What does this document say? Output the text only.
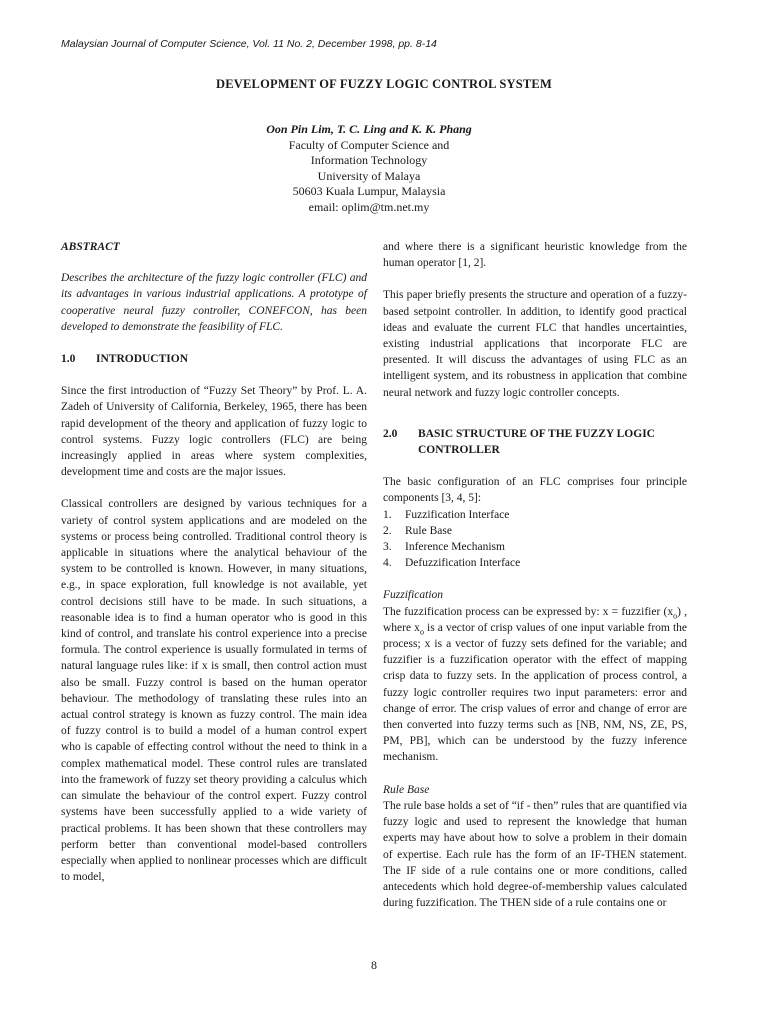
Malaysian Journal of Computer Science, Vol. 11 No. 2, December 1998, pp. 8-14
DEVELOPMENT OF FUZZY LOGIC CONTROL SYSTEM
Oon Pin Lim, T. C. Ling and K. K. Phang
Faculty of Computer Science and
Information Technology
University of Malaya
50603 Kuala Lumpur, Malaysia
email: oplim@tm.net.my
ABSTRACT

Describes the architecture of the fuzzy logic controller (FLC) and its advantages in various industrial applications. A prototype of cooperative neural fuzzy controller, CONEFCON, has been developed to demonstrate the feasibility of FLC.

1.0	INTRODUCTION

Since the first introduction of “Fuzzy Set Theory” by Prof. L. A. Zadeh of University of California, Berkeley, 1965, there has been rapid development of the theory and application of fuzzy logic to control systems. Fuzzy logic controllers (FLC) are being increasingly applied in areas where system complexities, development time and costs are the major issues.

Classical controllers are designed by various techniques for a variety of control system applications and are modeled on the systems or process being controlled. Traditional control theory is applicable in situations where the analytical behaviour of the system to be controlled is known. However, in many situations, e.g., in space exploration, full knowledge is not available, yet control decisions still have to be made. In such situations, a reasonable idea is to find a human operator who is good in this kind of control, and translate his control experience into a precise formula. The control experience is usually formulated in terms of natural language rules like: if x is small, then control action must also be small. Fuzzy control is based on the human operator behaviour. The methodology of translating these rules into an actual control strategy is known as fuzzy control. The main idea of fuzzy control is to build a model of a human control expert who is capable of effecting control without the need to think in a complex mathematical model. These control rules are translated into the framework of fuzzy set theory providing a calculus which can simulate the behaviour of the control expert. Fuzzy control systems have been successfully applied to a wide variety of practical problems. It has been shown that these controllers may perform better than conventional model-based controllers especially when applied to nonlinear processes which are difficult to model,

and where there is a significant heuristic knowledge from the human operator [1, 2].

This paper briefly presents the structure and operation of a fuzzy-based setpoint controller. In addition, to identify good practical ideas and evaluate the current FLC that handles uncertainties, existing industrial applications that incorporate FLC are presented. It will discuss the advantages of using FLC as an intelligent system, and its robustness in application that combine neural network and fuzzy logic controller concepts.

2.0	BASIC STRUCTURE OF THE FUZZY LOGIC CONTROLLER

The basic configuration of an FLC comprises four principle components [3, 4, 5]:

1.	Fuzzification Interface
2.	Rule Base
3.	Inference Mechanism
4.	Defuzzification Interface
Fuzzification

The fuzzification process can be expressed by: x = fuzzifier $(x_o)$ , where $x_o$ is a vector of crisp values of one input variable from the process; x is a vector of fuzzy sets defined for the variable; and fuzzifier is a fuzzification operator with the effect of mapping crisp data to fuzzy sets. In the application of process control, a fuzzy logic controller requires two input parameters: error and change of error. The crisp values of error and change of error are then converted into fuzzy terms such as [NB, NM, NS, ZE, PS, PM, PB], which can be understood by the fuzzy inference mechanism.

Rule Base

The rule base holds a set of “if - then” rules that are quantified via fuzzy logic and used to represent the knowledge that human experts may have about how to solve a problem in their domain of expertise. Each rule has the form of an IF-THEN statement. The IF side of a rule contains one or more conditions, called antecedents which hold degree-of-membership values calculated during fuzzification. The THEN side of a rule contains one or

8
